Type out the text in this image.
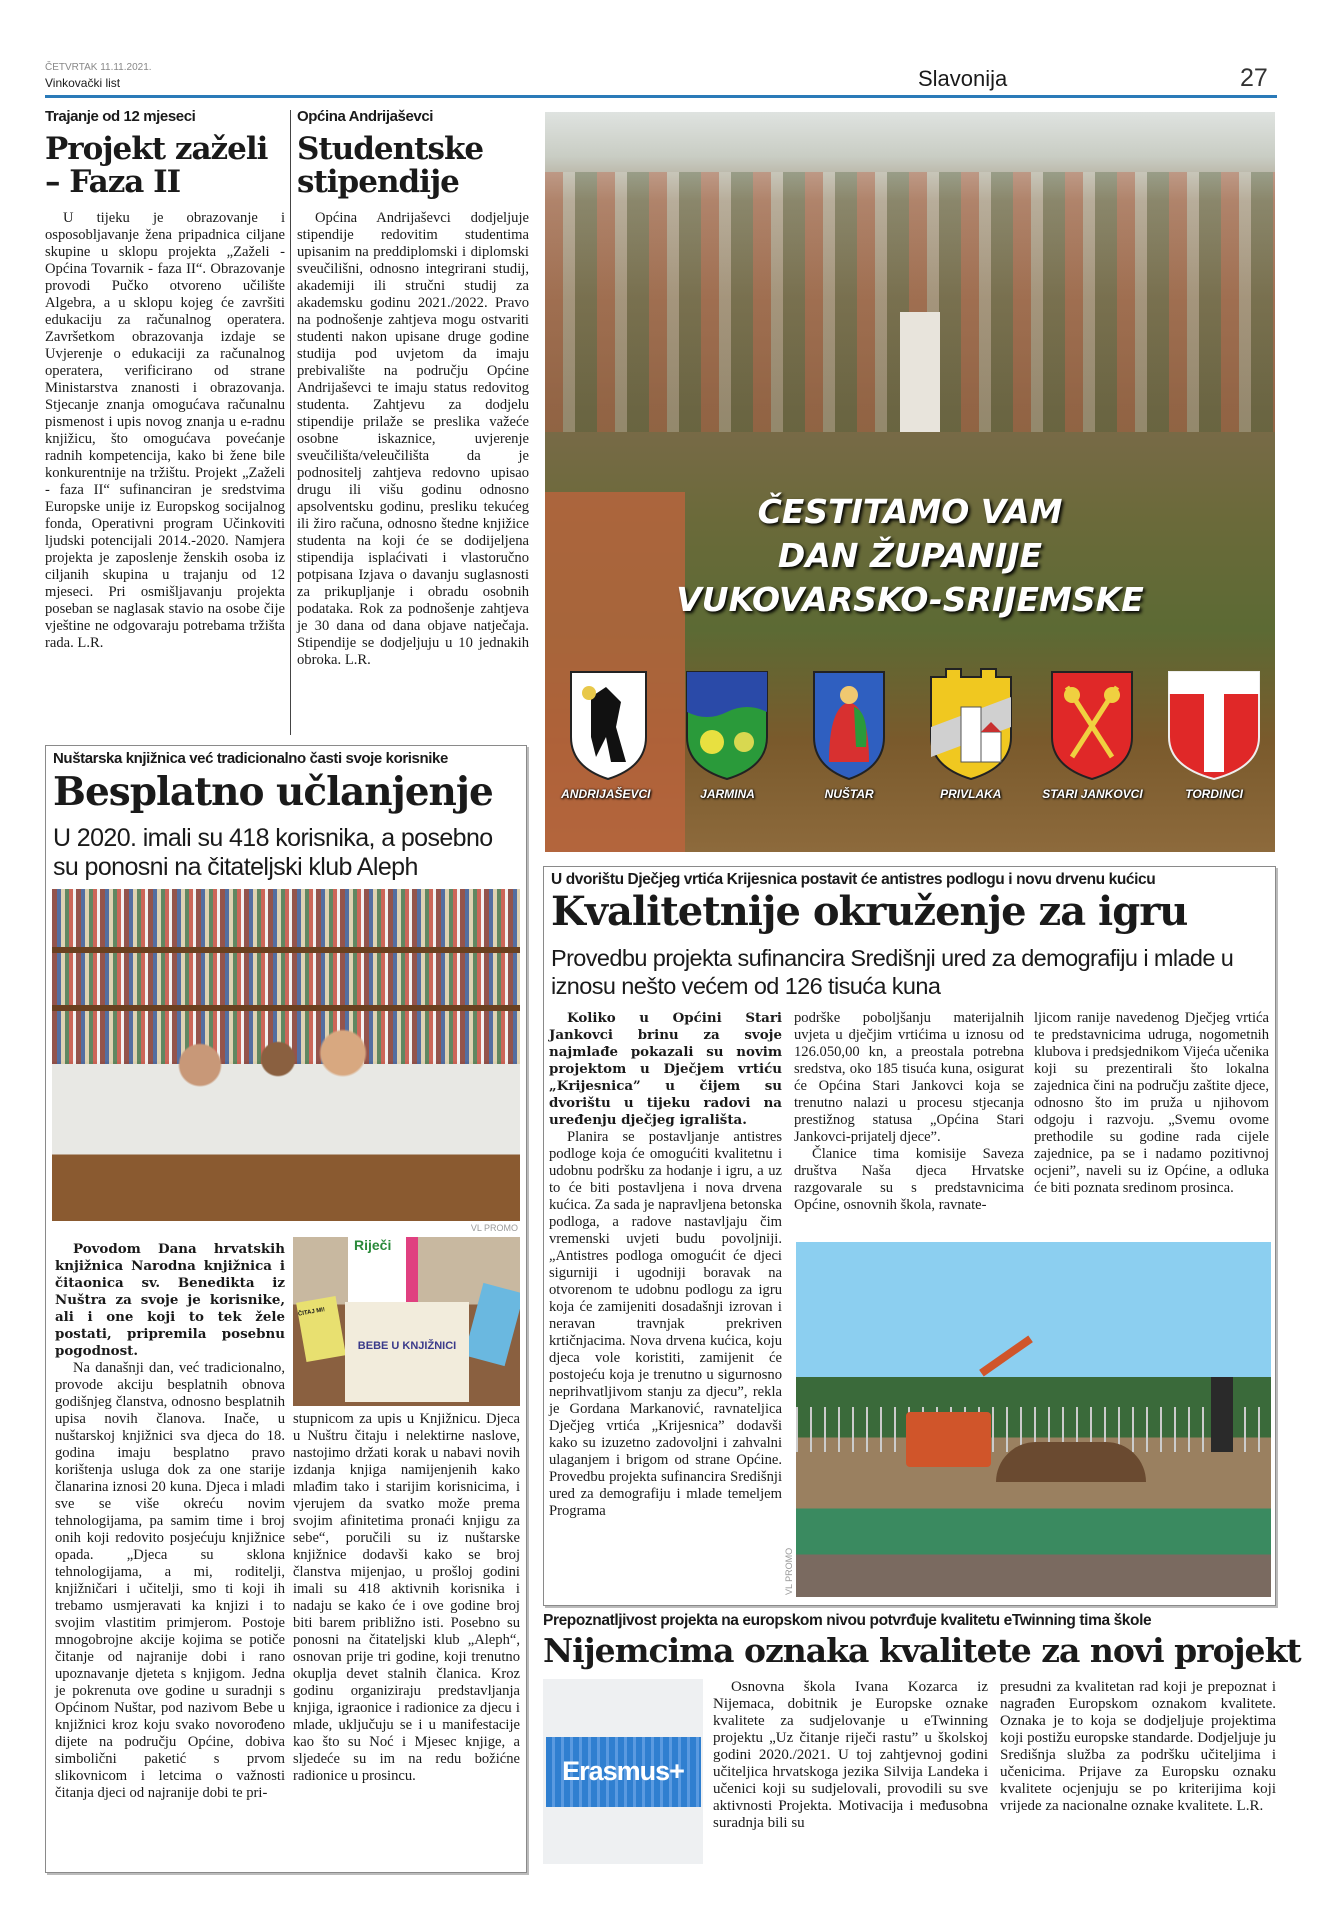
ČETVRTAK 11.11.2021.
Vinkovački list	Slavonija	27
Trajanje od 12 mjeseci
Projekt zaželi
– Faza II

U tijeku je obrazovanje i osposobljavanje žena pripadnica ciljane skupine u sklopu projekta „Zaželi - Općina Tovarnik - faza II“. Obrazovanje provodi Pučko otvoreno učilište Algebra, a u sklopu kojeg će završiti edukaciju za računalnog operatera. Završetkom obrazovanja izdaje se Uvjerenje o edukaciji za računalnog operatera, verificirano od strane Ministarstva znanosti i obrazovanja. Stjecanje znanja omogućava računalnu pismenost i upis novog znanja u e-radnu knjižicu, što omogućava povećanje radnih kompetencija, kako bi žene bile konkurentnije na tržištu. Projekt „Zaželi - faza II“ sufinanciran je sredstvima Europske unije iz Europskog socijalnog fonda, Operativni program Učinkoviti ljudski potencijali 2014.-2020. Namjera projekta je zaposlenje ženskih osoba iz ciljanih skupina u trajanju od 12 mjeseci. Pri osmišljavanju projekta poseban se naglasak stavio na osobe čije vještine ne odgovaraju potrebama tržišta rada. L.R.

Općina Andrijaševci
Studentske
stipendije

Općina Andrijaševci dodjeljuje stipendije redovitim studentima upisanim na preddiplomski i diplomski sveučilišni, odnosno integrirani studij, akademiji ili stručni studij za akademsku godinu 2021./2022. Pravo na podnošenje zahtjeva mogu ostvariti studenti nakon upisane druge godine studija pod uvjetom da imaju prebivalište na području Općine Andrijaševci te imaju status redovitog studenta. Zahtjevu za dodjelu stipendije prilaže se preslika važeće osobne iskaznice, uvjerenje sveučilišta/veleučilišta da je podnositelj zahtjeva redovno upisao drugu ili višu godinu odnosno apsolventsku godinu, presliku tekućeg ili žiro računa, odnosno štedne knjižice studenta na koji će se dodijeljena stipendija isplaćivati i vlastoručno potpisana Izjava o davanju suglasnosti za prikupljanje i obradu osobnih podataka. Rok za podnošenje zahtjeva je 30 dana od dana objave natječaja. Stipendije se dodjeljuju u 10 jednakih obroka. L.R.

ČESTITAMO VAM
DAN ŽUPANIJE
VUKOVARSKO-SRIJEMSKE
ANDRIJAŠEVCI	JARMINA	NUŠTAR	PRIVLAKA	STARI JANKOVCI	TORDINCI
Nuštarska knjižnica već tradicionalno časti svoje korisnike
Besplatno učlanjenje
U 2020. imali su 418 korisnika, a posebno su ponosni na čitateljski klub Aleph
VL PROMO

Povodom Dana hrvatskih knjižnica Narodna knjižnica i čitaonica sv. Benedikta iz Nuštra za svoje je korisnike, ali i one koji to tek žele postati, pripremila posebnu pogodnost.

Na današnji dan, već tradicionalno, provode akciju besplatnih obnova godišnjeg članstva, odnosno besplatnih upisa novih članova. Inače, u nuštarskoj knjižnici sva djeca do 18. godina imaju besplatno pravo korištenja usluga dok za one starije članarina iznosi 20 kuna. Djeca i mladi sve se više okreću novim tehnologijama, pa samim time i broj onih koji redovito posjećuju knjižnice opada. „Djeca su sklona tehnologijama, a mi, roditelji, knjižničari i učitelji, smo ti koji ih trebamo usmjeravati ka knjizi i to svojim vlastitim primjerom. Postoje mnogobrojne akcije kojima se potiče čitanje od najranije dobi i rano upoznavanje djeteta s knjigom. Jedna je pokrenuta ove godine u suradnji s Općinom Nuštar, pod nazivom Bebe u knjižnici kroz koju svako novorođeno dijete na području Općine, dobiva simbolični paketić s prvom slikovnicom i letcima o važnosti čitanja djeci od najranije dobi te pri-

Riječi
ČITAJ MI!
BEBE U KNJIŽNICI

stupnicom za upis u Knjižnicu. Djeca u Nuštru čitaju i nelektirne naslove, nastojimo držati korak u nabavi novih izdanja knjiga namijenjenih kako mlađim tako i starijim korisnicima, i vjerujem da svatko može prema svojim afinitetima pronaći knjigu za sebe“, poručili su iz nuštarske knjižnice dodavši kako se broj članstva mijenjao, u prošloj godini imali su 418 aktivnih korisnika i nadaju se kako će i ove godine broj biti barem približno isti. Posebno su ponosni na čitateljski klub „Aleph“, osnovan prije tri godine, koji trenutno okuplja devet stalnih članica. Kroz godinu organiziraju predstavljanja knjiga, igraonice i radionice za djecu i mlade, uključuju se i u manifestacije kao što su Noć i Mjesec knjige, a sljedeće su im na redu božićne radionice u prosincu.

U dvorištu Dječjeg vrtića Krijesnica postavit će antistres podlogu i novu drvenu kućicu
Kvalitetnije okruženje za igru
Provedbu projekta sufinancira Središnji ured za demografiju i mlade u iznosu nešto većem od 126 tisuća kuna

Koliko u Općini Stari Jankovci brinu za svoje najmlađe pokazali su novim projektom u Dječjem vrtiću „Krijesnica” u čijem su dvorištu u tijeku radovi na uređenju dječjeg igrališta.

Planira se postavljanje antistres podloge koja će omogućiti kvalitetnu i udobnu podršku za hodanje i igru, a uz to će biti postavljena i nova drvena kućica. Za sada je napravljena betonska podloga, a radove nastavljaju čim vremenski uvjeti budu povoljniji. „Antistres podloga omogućit će djeci sigurniji i ugodniji boravak na otvorenom te udobnu podlogu za igru koja će zamijeniti dosadašnji izrovan i neravan travnjak prekriven krtičnjacima. Nova drvena kućica, koju djeca vole koristiti, zamijenit će postojeću koja je trenutno u sigurnosno neprihvatljivom stanju za djecu”, rekla je Gordana Markanović, ravnateljica Dječjeg vrtića „Krijesnica” dodavši kako su izuzetno zadovoljni i zahvalni ulaganjem i brigom od strane Općine. Provedbu projekta sufinancira Središnji ured za demografiju i mlade temeljem Programa

podrške poboljšanju materijalnih uvjeta u dječjim vrtićima u iznosu od 126.050,00 kn, a preostala potrebna sredstva, oko 185 tisuća kuna, osigurat će Općina Stari Jankovci koja se trenutno nalazi u procesu stjecanja prestižnog statusa „Općina Stari Jankovci-prijatelj djece”.

Članice tima komisije Saveza društva Naša djeca Hrvatske razgovarale su s predstavnicima Općine, osnovnih škola, ravnate-

ljicom ranije navedenog Dječjeg vrtića te predstavnicima udruga, nogometnih klubova i predsjednikom Vijeća učenika koji su prezentirali što lokalna zajednica čini na području zaštite djece, odnosno što im pruža u njihovom odgoju i razvoju. „Svemu ovome prethodile su godine rada cijele zajednice, pa se i nadamo pozitivnoj ocjeni”, naveli su iz Općine, a odluka će biti poznata sredinom prosinca.

VL PROMO
Prepoznatljivost projekta na europskom nivou potvrđuje kvalitetu eTwinning tima škole
Nijemcima oznaka kvalitete za novi projekt
Erasmus+

Osnovna škola Ivana Kozarca iz Nijemaca, dobitnik je Europske oznake kvalitete za sudjelovanje u eTwinning projektu „Uz čitanje riječi rastu” u školskoj godini 2020./2021. U toj zahtjevnoj godini učiteljica hrvatskoga jezika Silvija Landeka i učenici koji su sudjelovali, provodili su sve aktivnosti Projekta. Motivacija i međusobna suradnja bili su

presudni za kvalitetan rad koji je prepoznat i nagrađen Europskom oznakom kvalitete. Oznaka je to koja se dodjeljuje projektima koji postižu europske standarde. Dodjeljuje ju Središnja služba za podršku učiteljima i učenicima. Prijave za Europsku oznaku kvalitete ocjenjuju se po kriterijima koji vrijede za nacionalne oznake kvalitete. L.R.
